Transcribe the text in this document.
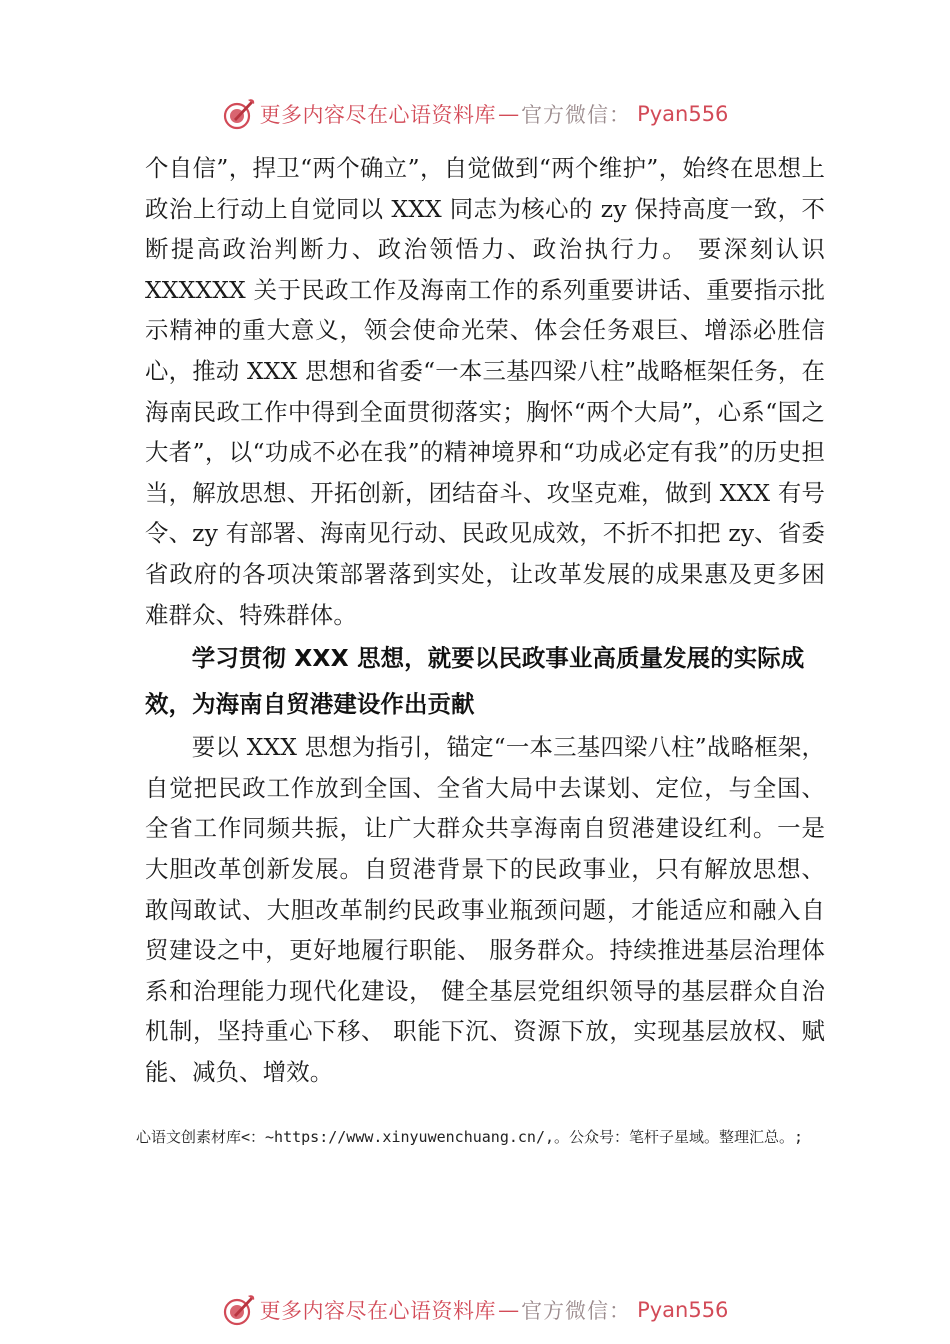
更多内容尽在心语资料库 — 官方微信： Pyan556

个自信”，捍卫“两个确立”，自觉做到“两个维护”，始终在思想上政治上行动上自觉同以 XXX 同志为核心的 zy 保持高度一致，不断提高政治判断力、政治领悟力、政治执行力。 要深刻认识 XXXXXX 关于民政工作及海南工作的系列重要讲话、重要指示批示精神的重大意义，领会使命光荣、体会任务艰巨、增添必胜信心，推动 XXX 思想和省委“一本三基四梁八柱”战略框架任务，在海南民政工作中得到全面贯彻落实；胸怀“两个大局”，心系“国之大者”，以“功成不必在我”的精神境界和“功成必定有我”的历史担当，解放思想、开拓创新，团结奋斗、攻坚克难，做到 XXX 有号令、zy 有部署、海南见行动、民政见成效，不折不扣把 zy、省委省政府的各项决策部署落到实处，让改革发展的成果惠及更多困难群众、特殊群体。

学习贯彻 XXX 思想，就要以民政事业高质量发展的实际成效，为海南自贸港建设作出贡献

要以 XXX 思想为指引，锚定“一本三基四梁八柱”战略框架，自觉把民政工作放到全国、全省大局中去谋划、定位，与全国、全省工作同频共振，让广大群众共享海南自贸港建设红利。一是大胆改革创新发展。自贸港背景下的民政事业，只有解放思想、敢闯敢试、大胆改革制约民政事业瓶颈问题，才能适应和融入自贸建设之中，更好地履行职能、 服务群众。持续推进基层治理体系和治理能力现代化建设， 健全基层党组织领导的基层群众自治机制，坚持重心下移、 职能下沉、资源下放，实现基层放权、赋能、减负、增效。

心语文创素材库<：~https://www.xinyuwenchuang.cn/,。公众号：笔杆子星域。整理汇总。;
更多内容尽在心语资料库 — 官方微信： Pyan556
